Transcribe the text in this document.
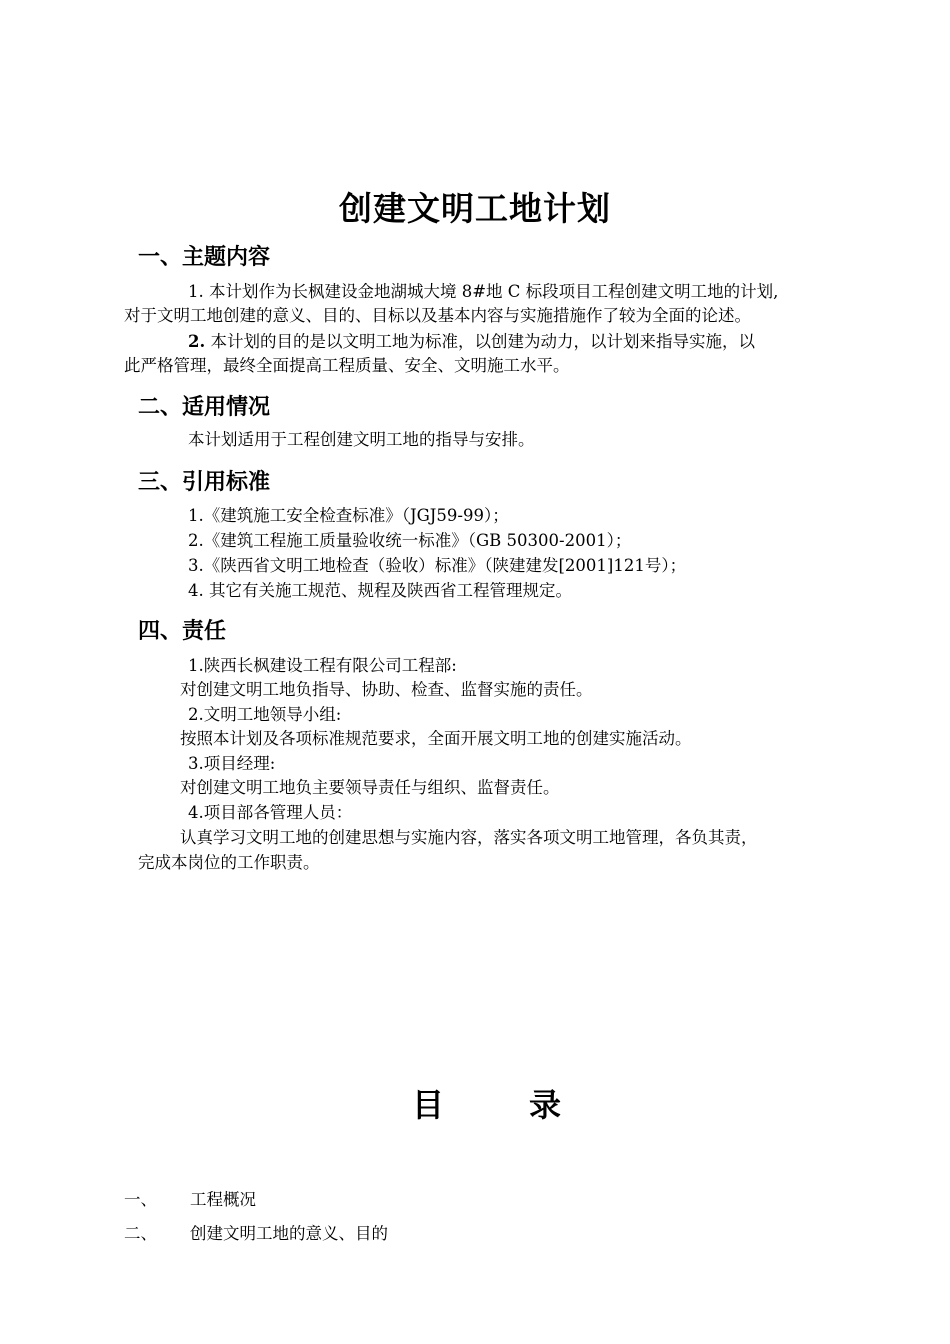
创建文明工地计划
一、主题内容
1. 本计划作为长枫建设金地湖城大境 8#地 C 标段项目工程创建文明工地的计划,
对于文明工地创建的意义、目的、目标以及基本内容与实施措施作了较为全面的论述。
2. 本计划的目的是以文明工地为标准，以创建为动力，以计划来指导实施，以
此严格管理，最终全面提高工程质量、安全、文明施工水平。
二、适用情况
本计划适用于工程创建文明工地的指导与安排。
三、引用标准
1.《建筑施工安全检查标准》（JGJ59-99）；
2.《建筑工程施工质量验收统一标准》（GB 50300-2001）；
3.《陕西省文明工地检查（验收）标准》（陕建建发[2001]121号）；
4. 其它有关施工规范、规程及陕西省工程管理规定。
四、责任
1.陕西长枫建设工程有限公司工程部:
对创建文明工地负指导、协助、检查、监督实施的责任。
2.文明工地领导小组:
按照本计划及各项标准规范要求，全面开展文明工地的创建实施活动。
3.项目经理:
对创建文明工地负主要领导责任与组织、监督责任。
4.项目部各管理人员：
认真学习文明工地的创建思想与实施内容，落实各项文明工地管理，各负其责，
完成本岗位的工作职责。
目	录
一、 工程概况
二、 创建文明工地的意义、目的
